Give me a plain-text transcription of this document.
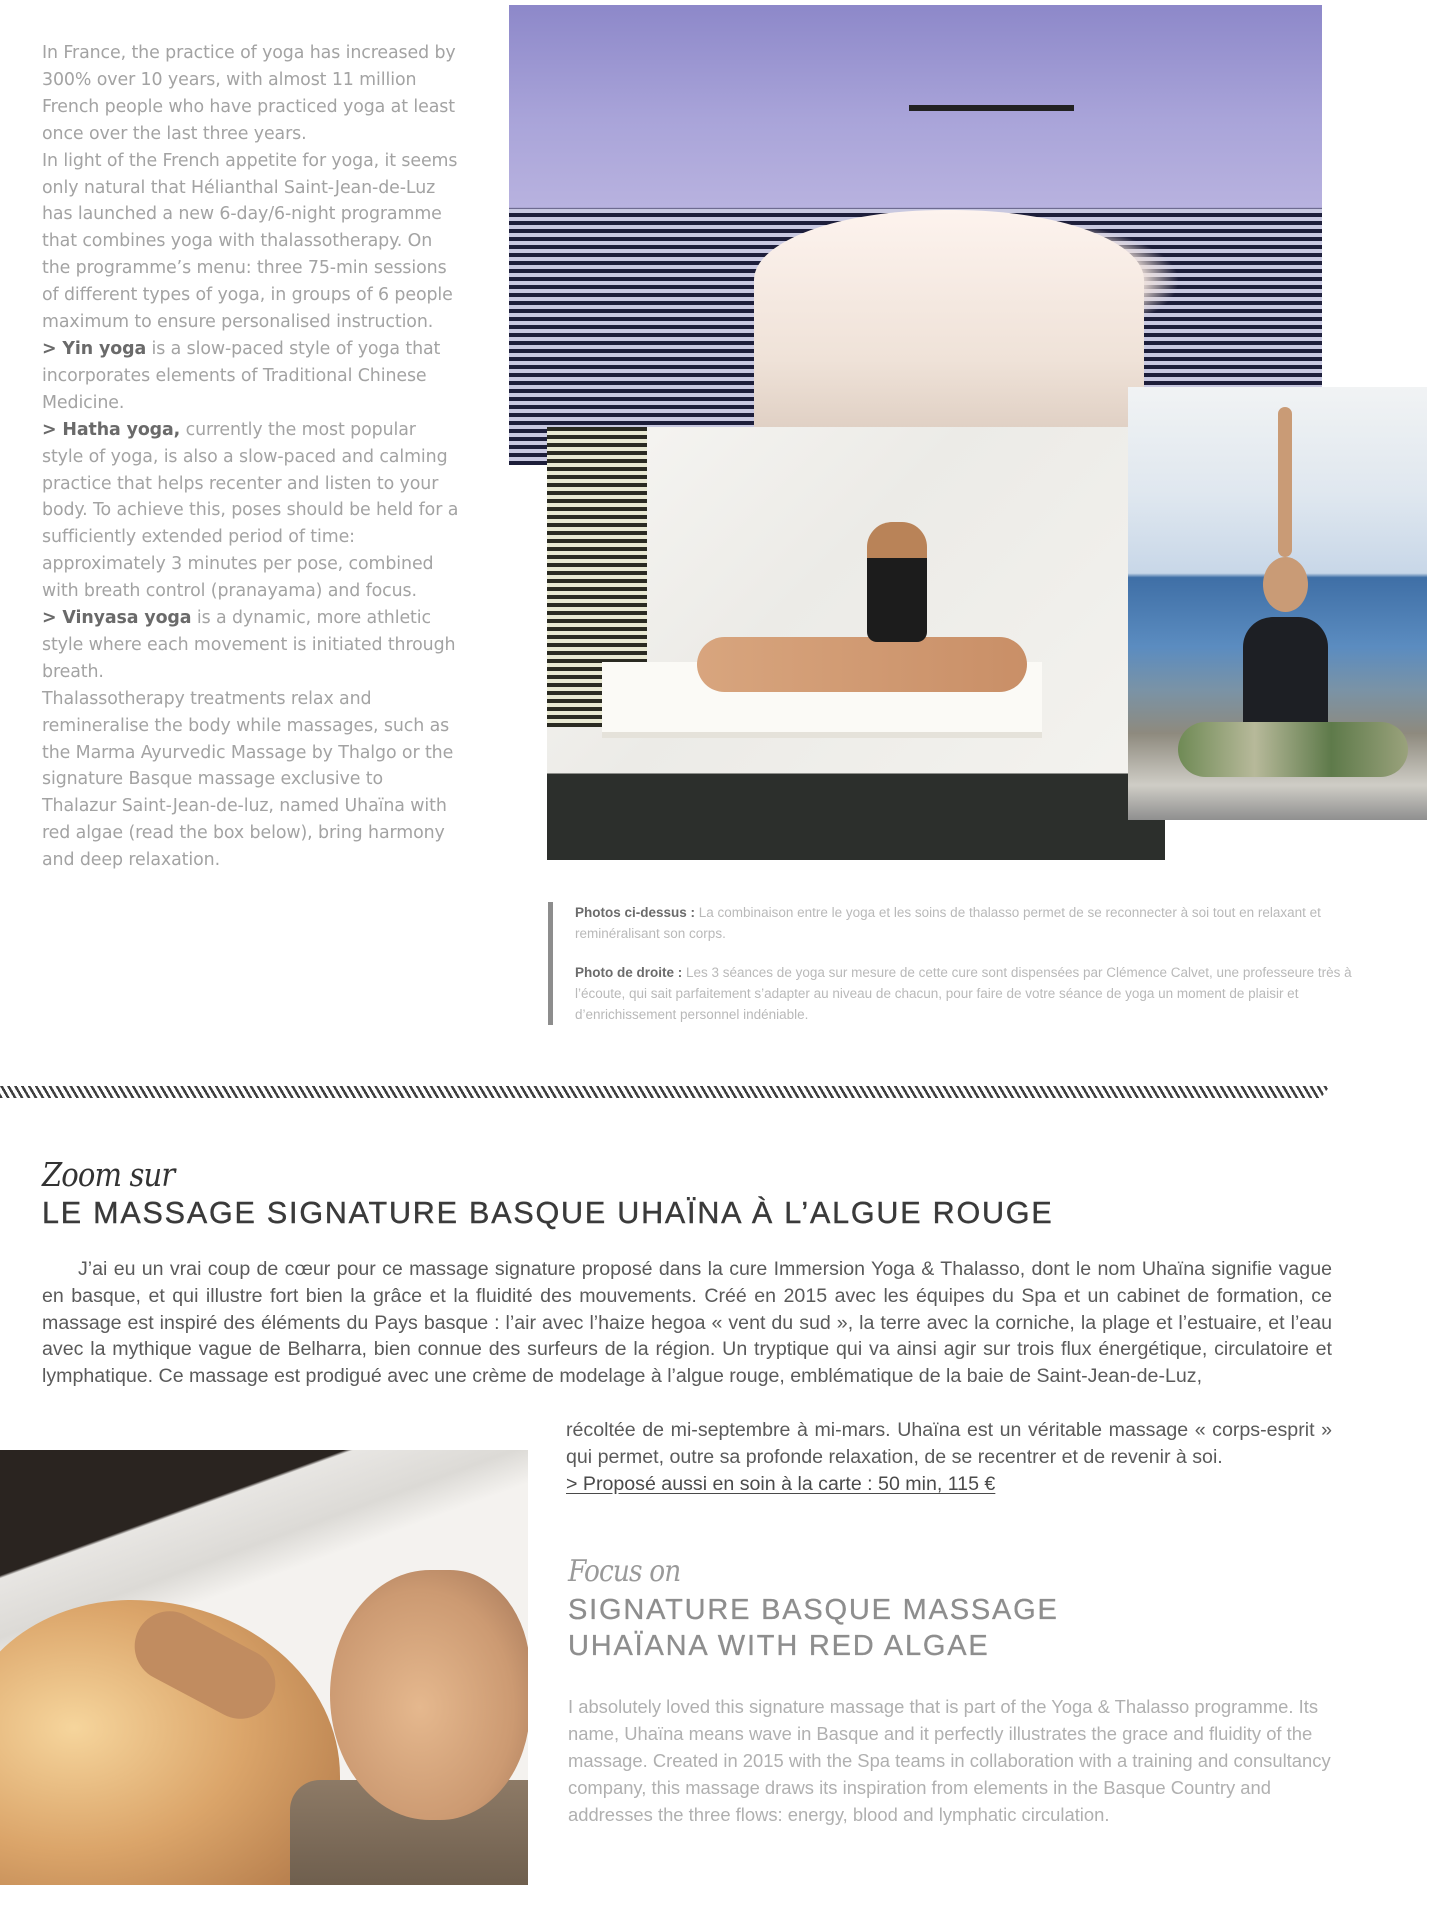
In France, the practice of yoga has increased by 300% over 10 years, with almost 11 million French people who have practiced yoga at least once over the last three years.

In light of the French appetite for yoga, it seems only natural that Hélianthal Saint-Jean-de-Luz has launched a new 6-day/6-night programme that combines yoga with thalassotherapy. On the programme’s menu: three 75-min sessions of different types of yoga, in groups of 6 people maximum to ensure personalised instruction.

> Yin yoga is a slow-paced style of yoga that incorporates elements of Traditional Chinese Medicine.

> Hatha yoga, currently the most popular style of yoga, is also a slow-paced and calming practice that helps recenter and listen to your body. To achieve this, poses should be held for a sufficiently extended period of time: approximately 3 minutes per pose, combined with breath control (pranayama) and focus.

> Vinyasa yoga is a dynamic, more athletic style where each movement is initiated through breath.

Thalassotherapy treatments relax and remineralise the body while massages, such as the Marma Ayurvedic Massage by Thalgo or the signature Basque massage exclusive to Thalazur Saint-Jean-de-luz, named Uhaïna with red algae (read the box below), bring harmony and deep relaxation.

Photos ci-dessus : La combinaison entre le yoga et les soins de thalasso permet de se reconnecter à soi tout en relaxant et reminéralisant son corps.

Photo de droite : Les 3 séances de yoga sur mesure de cette cure sont dispensées par Clémence Calvet, une professeure très à l’écoute, qui sait parfaitement s’adapter au niveau de chacun, pour faire de votre séance de yoga un moment de plaisir et d’enrichissement personnel indéniable.

Zoom sur
LE MASSAGE SIGNATURE BASQUE UHAÏNA À L’ALGUE ROUGE
J’ai eu un vrai coup de cœur pour ce massage signature proposé dans la cure Immersion Yoga & Thalasso, dont le nom Uhaïna signifie vague en basque, et qui illustre fort bien la grâce et la fluidité des mouvements. Créé en 2015 avec les équipes du Spa et un cabinet de formation, ce massage est inspiré des éléments du Pays basque : l’air avec l’haize hegoa « vent du sud », la terre avec la corniche, la plage et l’estuaire, et l’eau avec la mythique vague de Belharra, bien connue des surfeurs de la région. Un tryptique qui va ainsi agir sur trois flux énergétique, circulatoire et lymphatique. Ce massage est prodigué avec une crème de modelage à l’algue rouge, emblématique de la baie de Saint-Jean-de-Luz,

récoltée de mi-septembre à mi-mars. Uhaïna est un véritable massage « corps-esprit » qui permet, outre sa profonde relaxation, de se recentrer et de revenir à soi.

> Proposé aussi en soin à la carte : 50 min, 115 €
Focus on
SIGNATURE BASQUE MASSAGE
UHAÏANA WITH RED ALGAE

I absolutely loved this signature massage that is part of the Yoga & Thalasso programme. Its name, Uhaïna means wave in Basque and it perfectly illustrates the grace and fluidity of the massage. Created in 2015 with the Spa teams in collaboration with a training and consultancy company, this massage draws its inspiration from elements in the Basque Country and addresses the three flows: energy, blood and lymphatic circulation.
